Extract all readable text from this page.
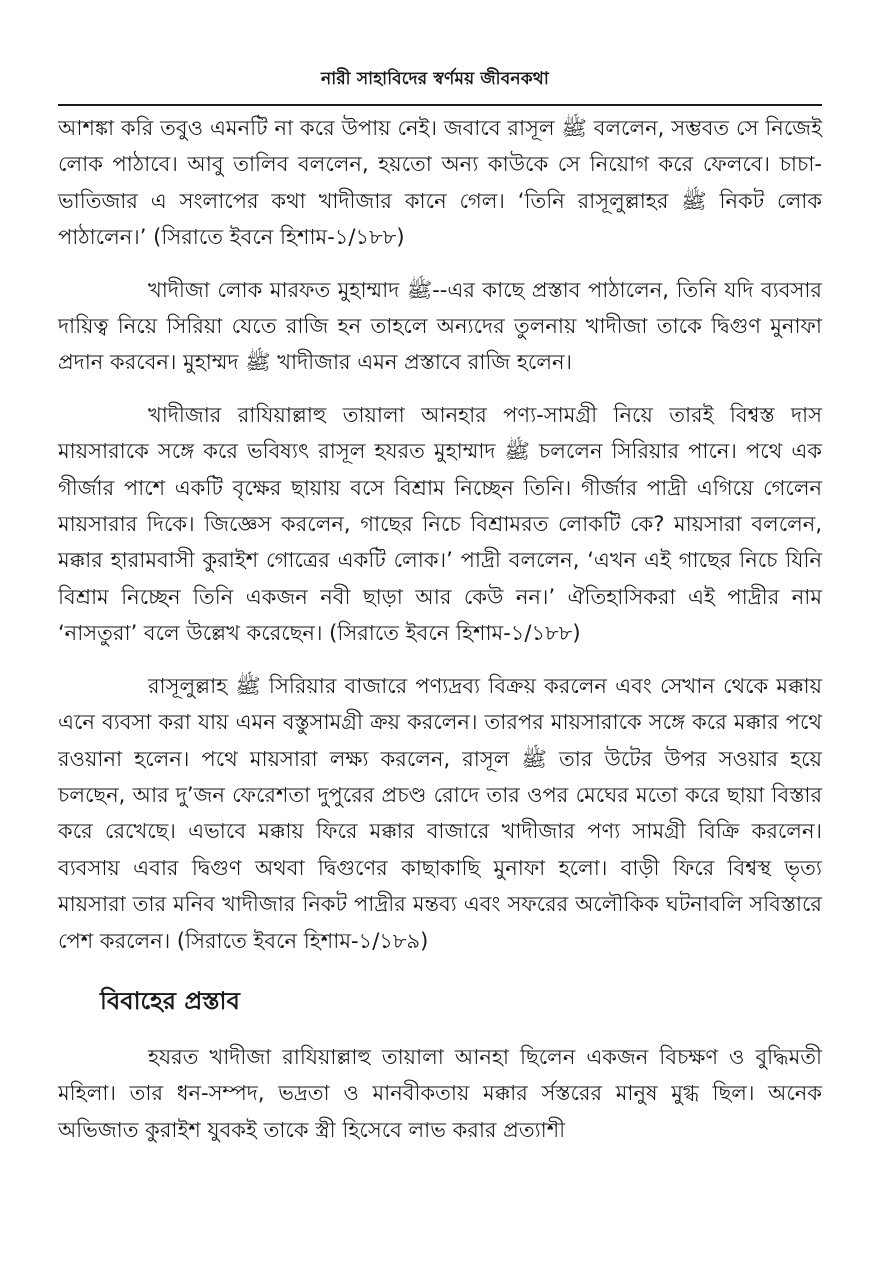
নারী সাহাবিদের স্বর্ণময় জীবনকথা

আশঙ্কা করি তবুও এমনটি না করে উপায় নেই। জবাবে রাসূল ﷺ বললেন, সম্ভবত সে নিজেই লোক পাঠাবে। আবু তালিব বললেন, হয়তো অন্য কাউকে সে নিয়োগ করে ফেলবে। চাচা-ভাতিজার এ সংলাপের কথা খাদীজার কানে গেল। ‘তিনি রাসূলুল্লাহর ﷺ নিকট লোক পাঠালেন।’ (সিরাতে ইবনে হিশাম-১/১৮৮)

খাদীজা লোক মারফত মুহাম্মাদ ﷺ--এর কাছে প্রস্তাব পাঠালেন, তিনি যদি ব্যবসার দায়িত্ব নিয়ে সিরিয়া যেতে রাজি হন তাহলে অন্যদের তুলনায় খাদীজা তাকে দ্বিগুণ মুনাফা প্রদান করবেন। মুহাম্মদ ﷺ খাদীজার এমন প্রস্তাবে রাজি হলেন।

খাদীজার রাযিয়াল্লাহু তায়ালা আনহার পণ্য-সামগ্রী নিয়ে তারই বিশ্বস্ত দাস মায়সারাকে সঙ্গে করে ভবিষ্যৎ রাসূল হযরত মুহাম্মাদ ﷺ চললেন সিরিয়ার পানে। পথে এক গীর্জার পাশে একটি বৃক্ষের ছায়ায় বসে বিশ্রাম নিচ্ছেন তিনি। গীর্জার পাদ্রী এগিয়ে গেলেন মায়সারার দিকে। জিজ্ঞেস করলেন, গাছের নিচে বিশ্রামরত লোকটি কে? মায়সারা বললেন, মক্কার হারামবাসী কুরাইশ গোত্রের একটি লোক।’ পাদ্রী বললেন, ‘এখন এই গাছের নিচে যিনি বিশ্রাম নিচ্ছেন তিনি একজন নবী ছাড়া আর কেউ নন।’ ঐতিহাসিকরা এই পাদ্রীর নাম ‘নাসতুরা’ বলে উল্লেখ করেছেন। (সিরাতে ইবনে হিশাম-১/১৮৮)

রাসূলুল্লাহ ﷺ সিরিয়ার বাজারে পণ্যদ্রব্য বিক্রয় করলেন এবং সেখান থেকে মক্কায় এনে ব্যবসা করা যায় এমন বস্তুসামগ্রী ক্রয় করলেন। তারপর মায়সারাকে সঙ্গে করে মক্কার পথে রওয়ানা হলেন। পথে মায়সারা লক্ষ্য করলেন, রাসূল ﷺ তার উটের উপর সওয়ার হয়ে চলছেন, আর দু’জন ফেরেশতা দুপুরের প্রচণ্ড রোদে তার ওপর মেঘের মতো করে ছায়া বিস্তার করে রেখেছে। এভাবে মক্কায় ফিরে মক্কার বাজারে খাদীজার পণ্য সামগ্রী বিক্রি করলেন। ব্যবসায় এবার দ্বিগুণ অথবা দ্বিগুণের কাছাকাছি মুনাফা হলো। বাড়ী ফিরে বিশ্বস্থ ভৃত্য মায়সারা তার মনিব খাদীজার নিকট পাদ্রীর মন্তব্য এবং সফরের অলৌকিক ঘটনাবলি সবিস্তারে পেশ করলেন। (সিরাতে ইবনে হিশাম-১/১৮৯)

বিবাহের প্রস্তাব

হযরত খাদীজা রাযিয়াল্লাহু তায়ালা আনহা ছিলেন একজন বিচক্ষণ ও বুদ্ধিমতী মহিলা। তার ধন-সম্পদ, ভদ্রতা ও মানবীকতায় মক্কার র্সস্তরের মানুষ মুগ্ধ ছিল। অনেক অভিজাত কুরাইশ যুবকই তাকে স্ত্রী হিসেবে লাভ করার প্রত্যাশী
